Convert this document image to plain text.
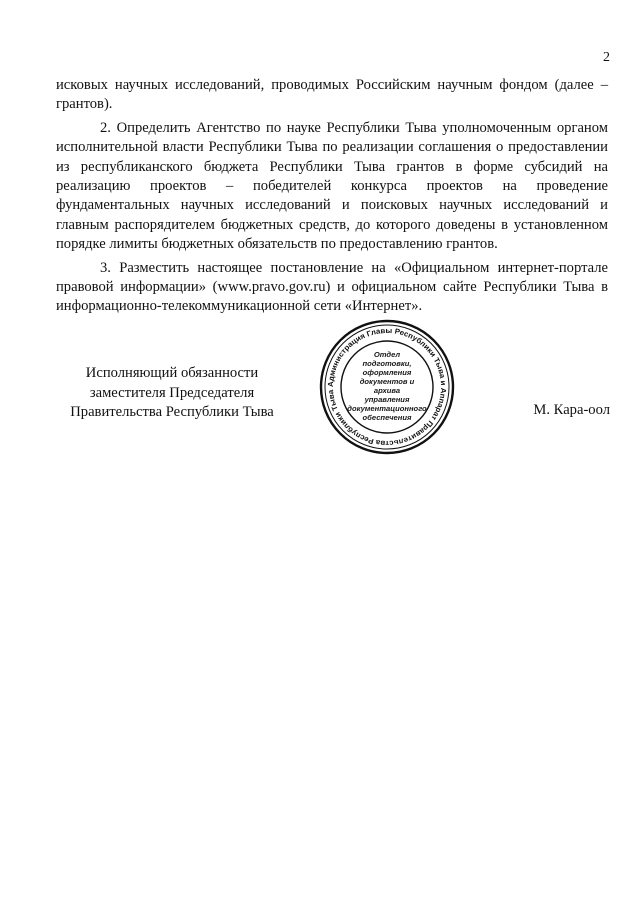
2

исковых научных исследований, проводимых Российским научным фондом (далее – грантов).

2. Определить Агентство по науке Республики Тыва уполномоченным органом исполнительной власти Республики Тыва по реализации соглашения о предоставлении из республиканского бюджета Республики Тыва грантов в форме субсидий на реализацию проектов – победителей конкурса проектов на проведение фундаментальных научных исследований и поисковых научных исследований и главным распорядителем бюджетных средств, до которого доведены в установленном порядке лимиты бюджетных обязательств по предоставлению грантов.

3. Разместить настоящее постановление на «Официальном интернет-портале правовой информации» (www.pravo.gov.ru) и официальном сайте Республики Тыва в информационно-телекоммуникационной сети «Интернет».

Исполняющий обязанности
заместителя Председателя
Правительства Республики Тыва
Администрация Главы Республики Тыва и Аппарат Правительства Республики Тыва
Отдел
подготовки,
оформления
документов и архива
управления
документационного
обеспечения	М. Кара-оол
